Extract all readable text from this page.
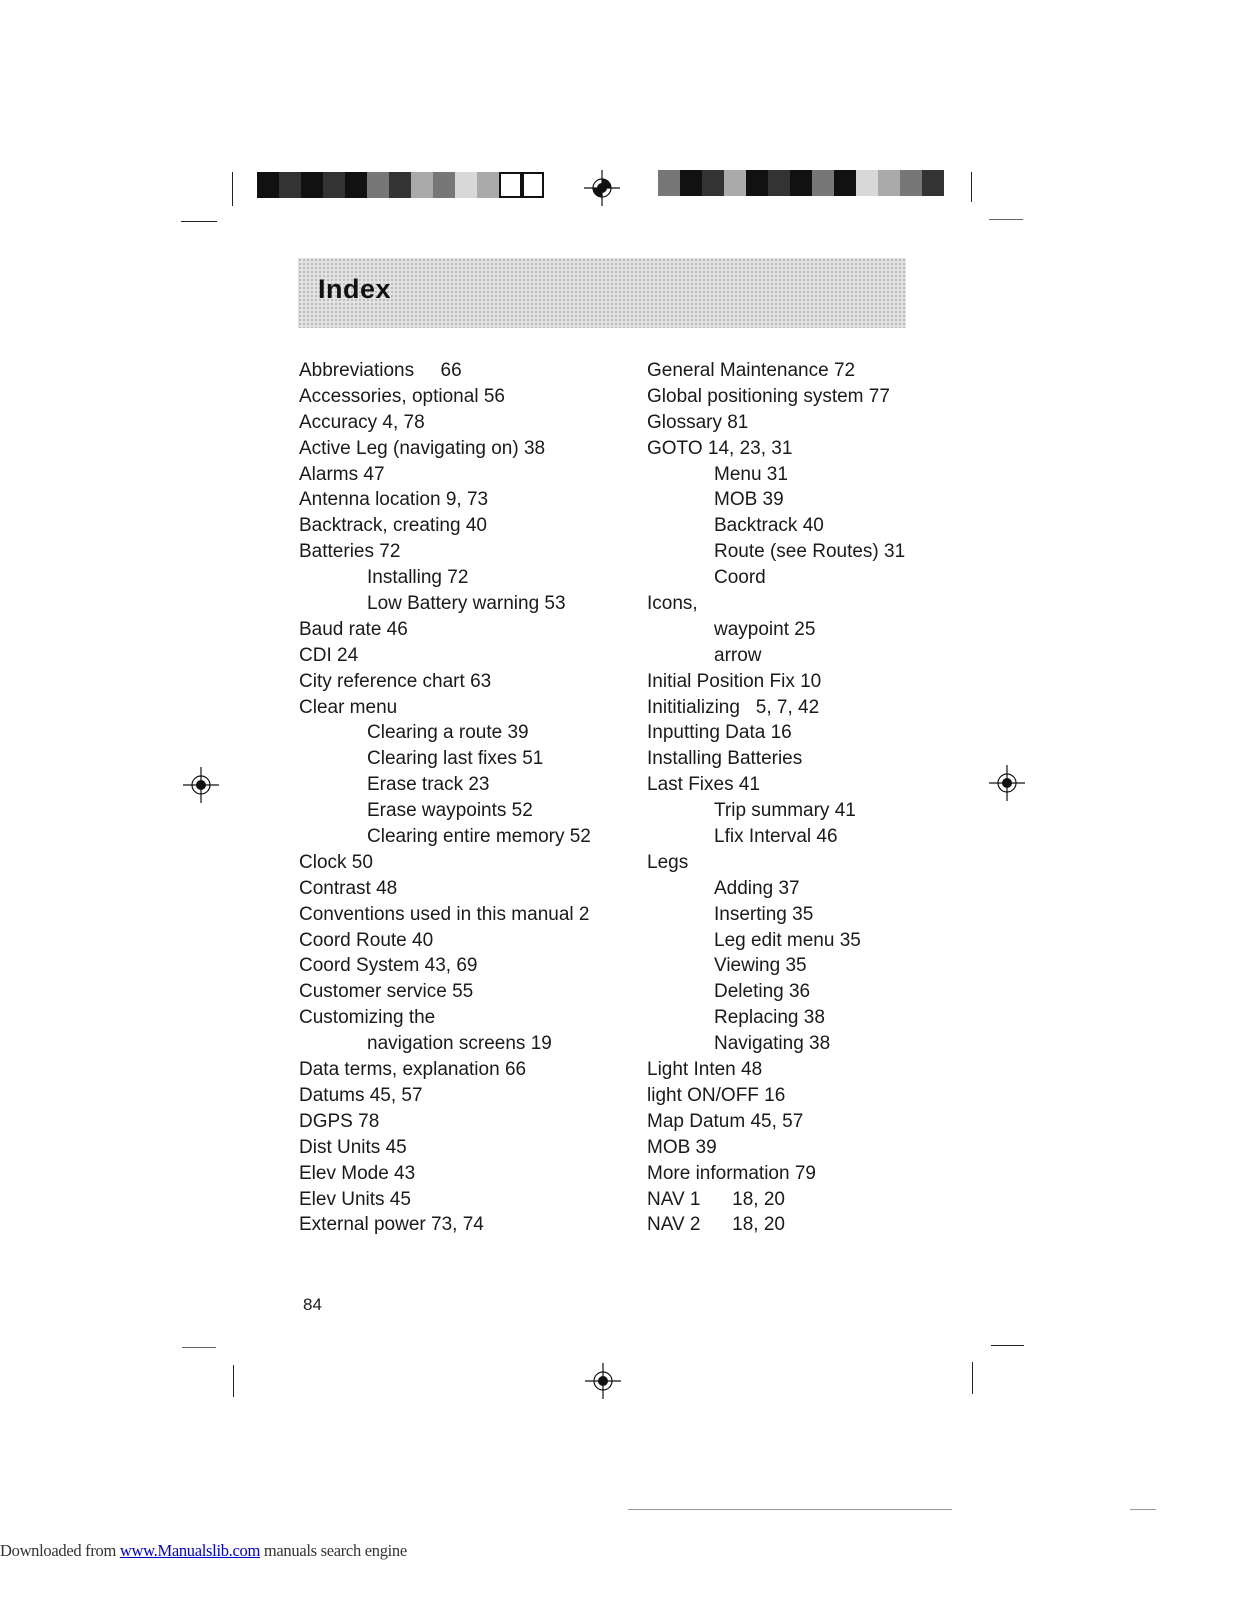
Index
Abbreviations     66
Accessories, optional 56
Accuracy 4, 78
Active Leg (navigating on) 38
Alarms 47
Antenna location 9, 73
Backtrack, creating 40
Batteries 72
Installing 72
Low Battery warning 53
Baud rate 46
CDI 24
City reference chart 63
Clear menu
Clearing a route 39
Clearing last fixes 51
Erase track 23
Erase waypoints 52
Clearing entire memory 52
Clock 50
Contrast 48
Conventions used in this manual 2
Coord Route 40
Coord System 43, 69
Customer service 55
Customizing the
navigation screens 19
Data terms, explanation 66
Datums 45, 57
DGPS 78
Dist Units 45
Elev Mode 43
Elev Units 45
External power 73, 74
General Maintenance 72
Global positioning system 77
Glossary 81
GOTO 14, 23, 31
Menu 31
MOB 39
Backtrack 40
Route (see Routes) 31
Coord
Icons,
waypoint 25
arrow
Initial Position Fix 10
Inititializing   5, 7, 42
Inputting Data 16
Installing Batteries
Last Fixes 41
Trip summary 41
Lfix Interval 46
Legs
Adding 37
Inserting 35
Leg edit menu 35
Viewing 35
Deleting 36
Replacing 38
Navigating 38
Light Inten 48
light ON/OFF 16
Map Datum 45, 57
MOB 39
More information 79
NAV 1      18, 20
NAV 2      18, 20
84
Downloaded from www.Manualslib.com manuals search engine
